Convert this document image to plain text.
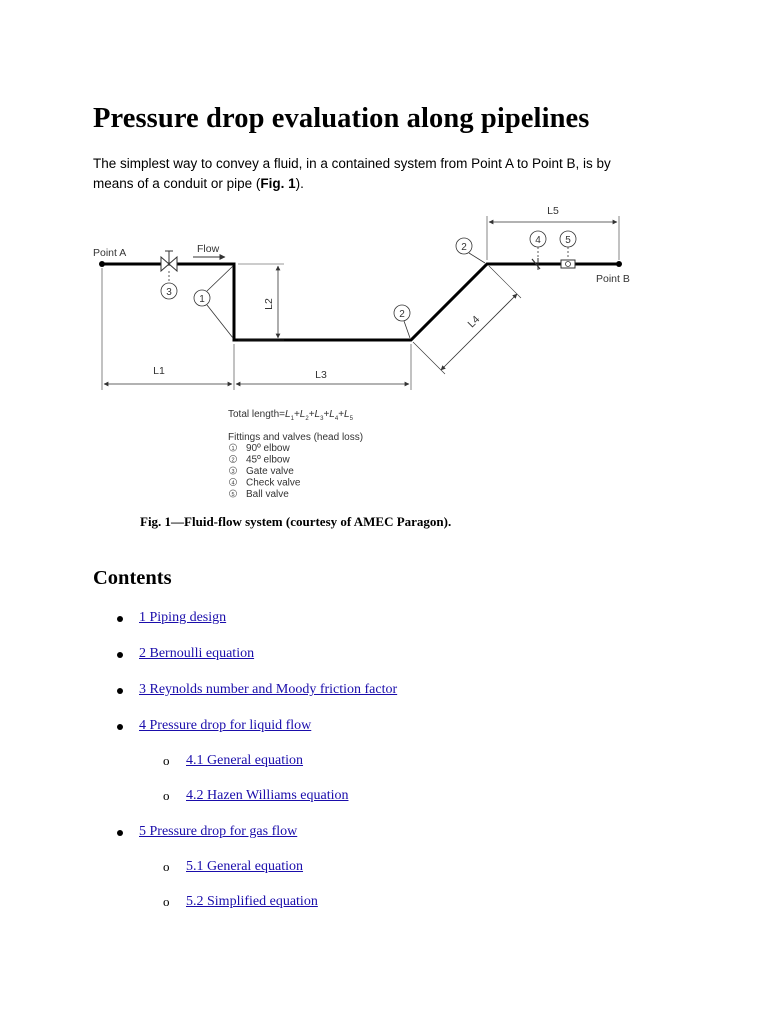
Pressure drop evaluation along pipelines

The simplest way to convey a fluid, in a contained system from Point A to Point B, is by
means of a conduit or pipe (Fig. 1).

Point A
Point B
3
Flow
1	L2
2
2
L4
4 5
L5
L1	L3
Total $length=L_1+L_2+L_3+L_4+L_5$
Fittings and valves (head loss)
1 90º elbow
2 45º elbow
3 Gate valve
4 Check valve
5 Ball valve

Fig. 1—Fluid-flow system (courtesy of AMEC Paragon).

Contents
1 Piping design
2 Bernoulli equation
3 Reynolds number and Moody friction factor
4 Pressure drop for liquid flow
o 4.1 General equation
o 4.2 Hazen Williams equation
5 Pressure drop for gas flow
o 5.1 General equation
o 5.2 Simplified equation
